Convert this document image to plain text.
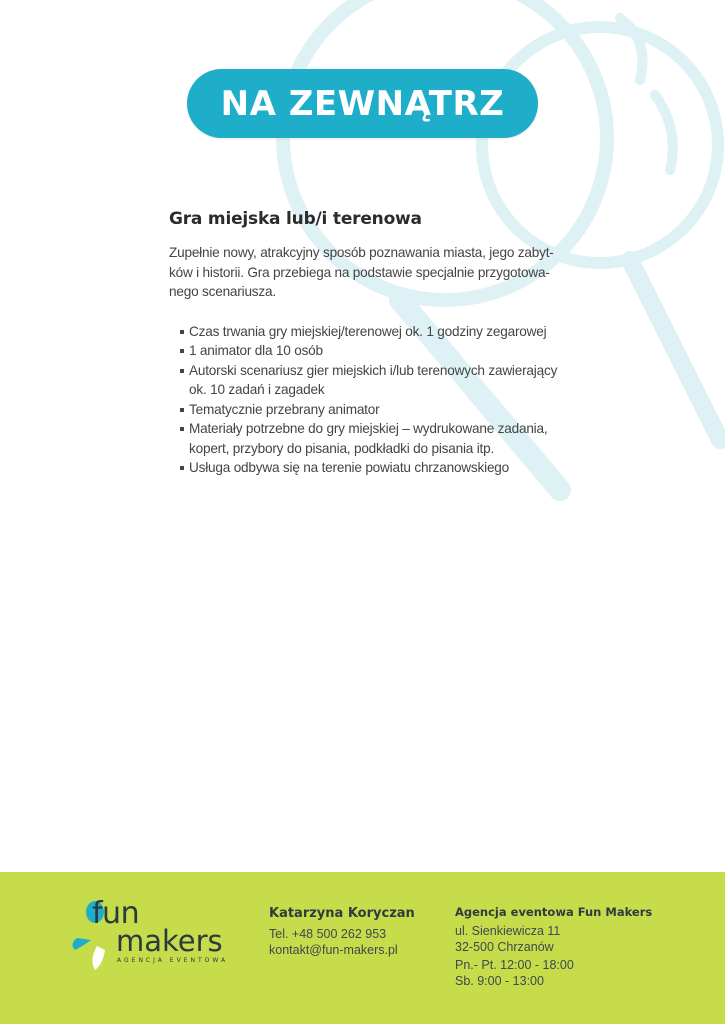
NA ZEWNĄTRZ
Gra miejska lub/i terenowa

Zupełnie nowy, atrakcyjny sposób poznawania miasta, jego zabyt-
ków i historii. Gra przebiega na podstawie specjalnie przygotowa-
nego scenariusza.

Czas trwania gry miejskiej/terenowej ok. 1 godziny zegarowej
1 animator dla 10 osób
Autorski scenariusz gier miejskich i/lub terenowych zawierający
ok. 10 zadań i zagadek
Tematycznie przebrany animator
Materiały potrzebne do gry miejskiej – wydrukowane zadania,
kopert, przybory do pisania, podkładki do pisania itp.
Usługa odbywa się na terenie powiatu chrzanowskiego
fun
makers
AGENCJA EVENTOWA
Katarzyna Koryczan
Tel. +48 500 262 953
kontakt@fun-makers.pl
Agencja eventowa Fun Makers
ul. Sienkiewicza 11
32-500 Chrzanów
Pn.- Pt. 12:00 - 18:00
Sb. 9:00 - 13:00
